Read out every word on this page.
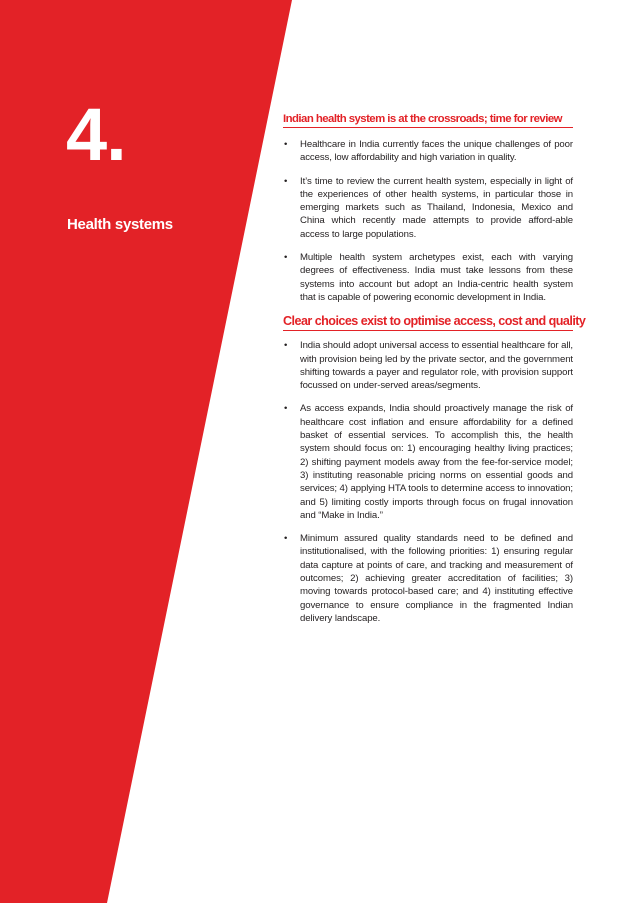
4.
Health systems
Indian health system is at the crossroads; time for review
• Healthcare in India currently faces the unique challenges of poor access, low affordability and high variation in quality.
• It’s time to review the current health system, especially in light of the experiences of other health systems, in particular those in emerging markets such as Thailand, Indonesia, Mexico and China which recently made attempts to provide afford-able access to large populations.
• Multiple health system archetypes exist, each with varying degrees of effectiveness. India must take lessons from these systems into account but adopt an India-centric health system that is capable of powering economic development in India.
Clear choices exist to optimise access, cost and quality
• India should adopt universal access to essential healthcare for all, with provision being led by the private sector, and the government shifting towards a payer and regulator role, with provision support focussed on under-served areas/segments.
• As access expands, India should proactively manage the risk of healthcare cost inflation and ensure affordability for a defined basket of essential services. To accomplish this, the health system should focus on: 1) encouraging healthy living practices; 2) shifting payment models away from the fee-for-service model; 3) instituting reasonable pricing norms on essential goods and services; 4) applying HTA tools to determine access to innovation; and 5) limiting costly imports through focus on frugal innovation and “Make in India.”
• Minimum assured quality standards need to be defined and institutionalised, with the following priorities: 1) ensuring regular data capture at points of care, and tracking and measurement of outcomes; 2) achieving greater accreditation of facilities; 3) moving towards protocol-based care; and 4) instituting effective governance to ensure compliance in the fragmented Indian delivery landscape.
